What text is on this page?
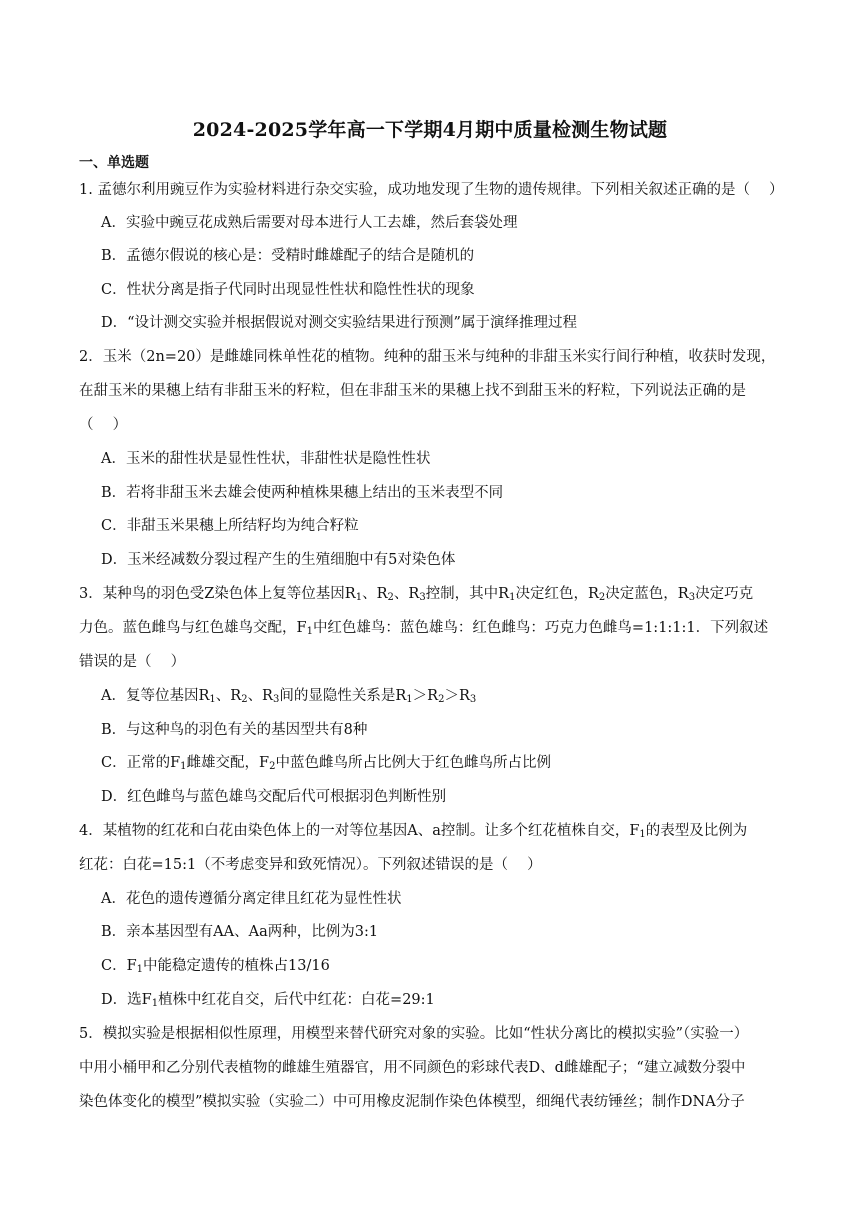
2024-2025学年高一下学期4月期中质量检测生物试题
一、单选题
1. 孟德尔利用豌豆作为实验材料进行杂交实验，成功地发现了生物的遗传规律。下列相关叙述正确的是（　 ）
A．实验中豌豆花成熟后需要对母本进行人工去雄，然后套袋处理
B．孟德尔假说的核心是：受精时雌雄配子的结合是随机的
C．性状分离是指子代同时出现显性性状和隐性性状的现象
D．“设计测交实验并根据假说对测交实验结果进行预测”属于演绎推理过程
2．玉米（2n=20）是雌雄同株单性花的植物。纯种的甜玉米与纯种的非甜玉米实行间行种植，收获时发现，
在甜玉米的果穗上结有非甜玉米的籽粒，但在非甜玉米的果穗上找不到甜玉米的籽粒，下列说法正确的是
（　 ）
A．玉米的甜性状是显性性状，非甜性状是隐性性状
B．若将非甜玉米去雄会使两种植株果穗上结出的玉米表型不同
C．非甜玉米果穗上所结籽均为纯合籽粒
D．玉米经减数分裂过程产生的生殖细胞中有5对染色体
3．某种鸟的羽色受Z染色体上复等位基因$R_1$、$R_2$、$R_3$控制，其中$R_1$决定红色，$R_2$决定蓝色，$R_3$决定巧克
力色。蓝色雌鸟与红色雄鸟交配，$F_1$中红色雄鸟：蓝色雄鸟：红色雌鸟：巧克力色雌鸟=1:1:1:1．下列叙述
错误的是（　 ）
A．复等位基因$R_1$、$R_2$、$R_3$间的显隐性关系是$R_1>R_2>R_3$
B．与这种鸟的羽色有关的基因型共有8种
C．正常的$F_1$雌雄交配，$F_2$中蓝色雌鸟所占比例大于红色雌鸟所占比例
D．红色雌鸟与蓝色雄鸟交配后代可根据羽色判断性别
4．某植物的红花和白花由染色体上的一对等位基因A、a控制。让多个红花植株自交，$F_1$的表型及比例为
红花：白花=15:1（不考虑变异和致死情况）。下列叙述错误的是（　 ）
A．花色的遗传遵循分离定律且红花为显性性状
B．亲本基因型有AA、Aa两种，比例为3:1
C．$F_1$中能稳定遗传的植株占13/16
D．选$F_1$植株中红花自交，后代中红花：白花=29:1
5．模拟实验是根据相似性原理，用模型来替代研究对象的实验。比如“性状分离比的模拟实验”（实验一）
中用小桶甲和乙分别代表植物的雌雄生殖器官，用不同颜色的彩球代表D、d雌雄配子；“建立减数分裂中
染色体变化的模型”模拟实验（实验二）中可用橡皮泥制作染色体模型，细绳代表纺锤丝；制作DNA分子
